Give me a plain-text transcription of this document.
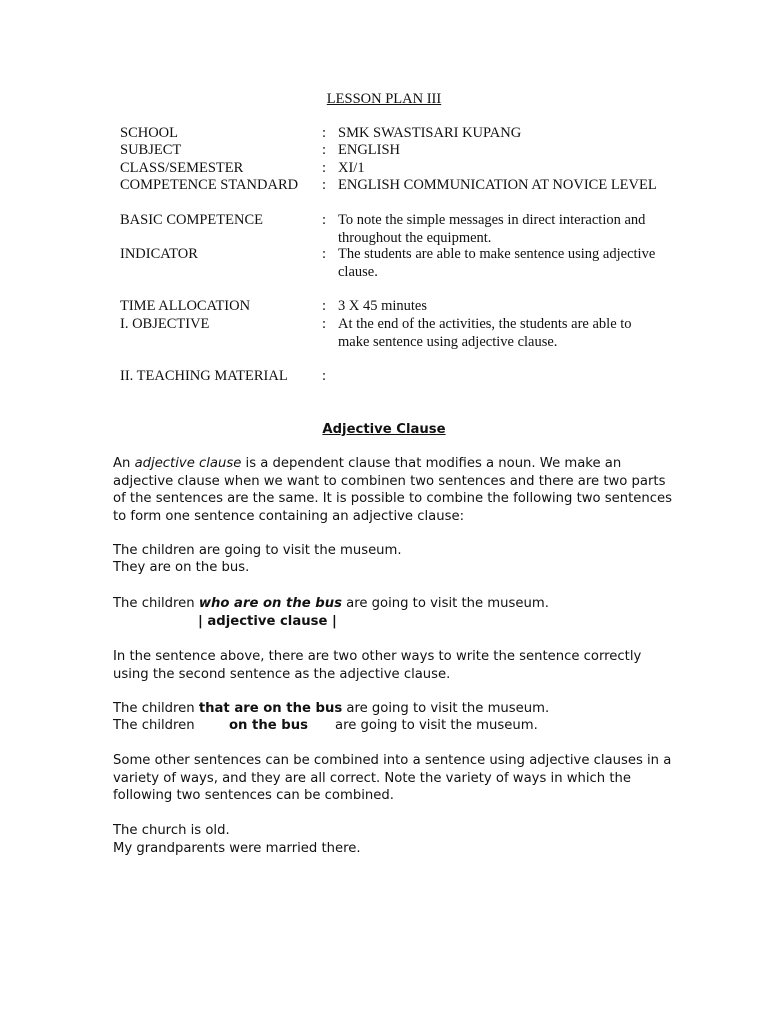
LESSON PLAN III
SCHOOL	: SMK SWASTISARI KUPANG
SUBJECT	: ENGLISH
CLASS/SEMESTER	: XI/1
COMPETENCE STANDARD : ENGLISH COMMUNICATION AT NOVICE LEVEL
BASIC COMPETENCE	: To note the simple messages in direct interaction and throughout the equipment.
INDICATOR	: The students are able to make sentence using adjective clause.
TIME ALLOCATION	: 3 X 45 minutes
I. OBJECTIVE	: At the end of the activities, the students are able to make sentence using adjective clause.
II. TEACHING MATERIAL :
Adjective Clause
An adjective clause is a dependent clause that modifies a noun. We make an adjective clause when we want to combinen two sentences and there are two parts of the sentences are the same. It is possible to combine the following two sentences to form one sentence containing an adjective clause:
The children are going to visit the museum.
They are on the bus.
The children who are on the bus are going to visit the museum.
| adjective clause |
In the sentence above, there are two other ways to write the sentence correctly using the second sentence as the adjective clause.
The children that are on the bus are going to visit the museum.
The children	on the bus are going to visit the museum.
Some other sentences can be combined into a sentence using adjective clauses in a variety of ways, and they are all correct. Note the variety of ways in which the following two sentences can be combined.
The church is old.
My grandparents were married there.
